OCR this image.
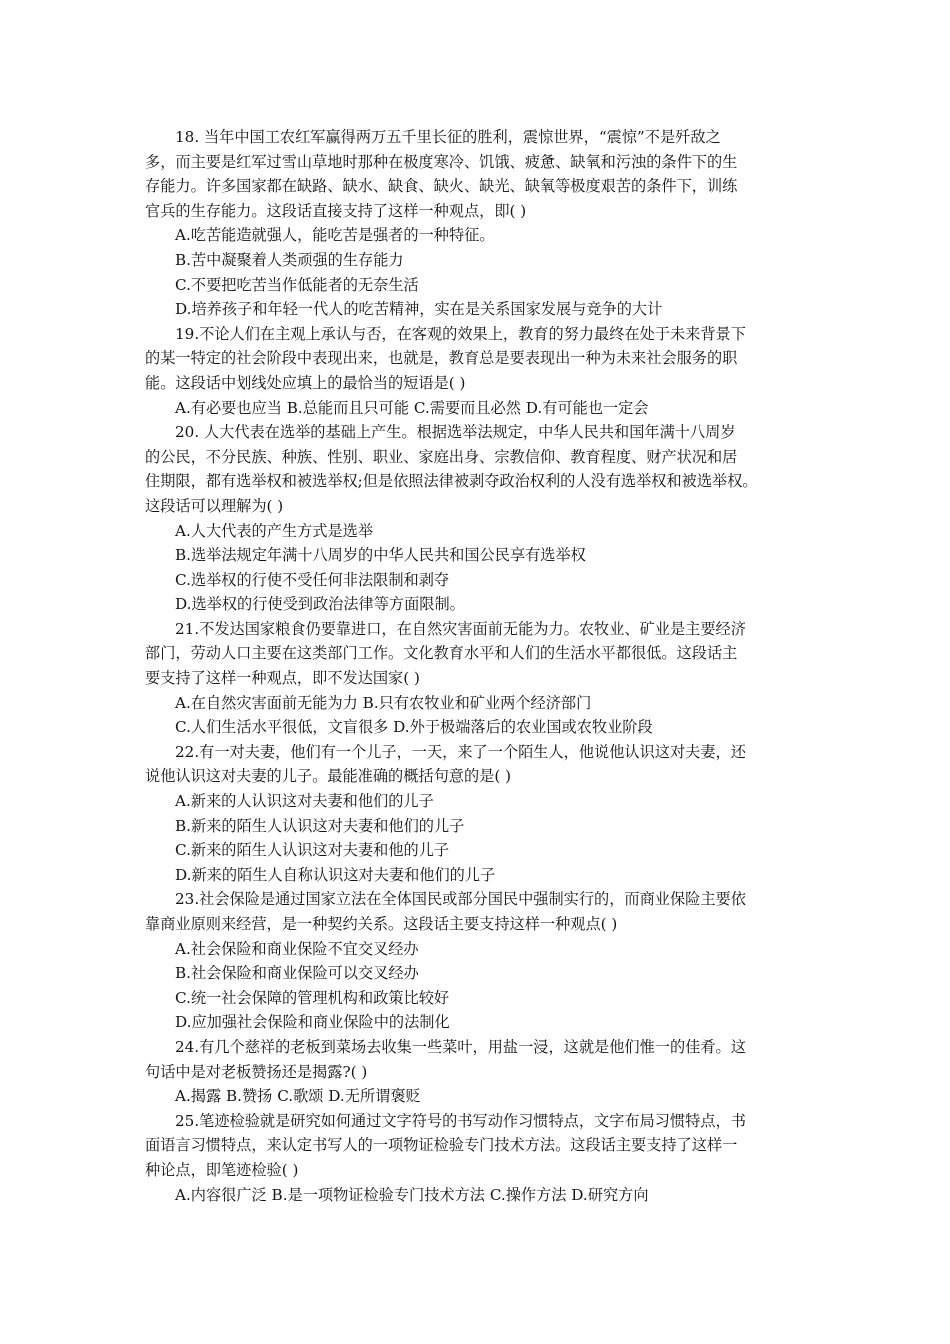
18. 当年中国工农红军赢得两万五千里长征的胜利，震惊世界，“震惊”不是歼敌之
多，而主要是红军过雪山草地时那种在极度寒冷、饥饿、疲惫、缺氧和污浊的条件下的生
存能力。许多国家都在缺路、缺水、缺食、缺火、缺光、缺氧等极度艰苦的条件下，训练
官兵的生存能力。这段话直接支持了这样一种观点，即( )
A.吃苦能造就强人，能吃苦是强者的一种特征。
B.苦中凝聚着人类顽强的生存能力
C.不要把吃苦当作低能者的无奈生活
D.培养孩子和年轻一代人的吃苦精神，实在是关系国家发展与竞争的大计
19.不论人们在主观上承认与否，在客观的效果上，教育的努力最终在处于未来背景下
的某一特定的社会阶段中表现出来，也就是，教育总是要表现出一种为未来社会服务的职
能。这段话中划线处应填上的最恰当的短语是( )
A.有必要也应当 B.总能而且只可能 C.需要而且必然 D.有可能也一定会
20. 人大代表在选举的基础上产生。根据选举法规定，中华人民共和国年满十八周岁
的公民，不分民族、种族、性别、职业、家庭出身、宗教信仰、教育程度、财产状况和居
住期限，都有选举权和被选举权;但是依照法律被剥夺政治权利的人没有选举权和被选举权。
这段话可以理解为( )
A.人大代表的产生方式是选举
B.选举法规定年满十八周岁的中华人民共和国公民享有选举权
C.选举权的行使不受任何非法限制和剥夺
D.选举权的行使受到政治法律等方面限制。
21.不发达国家粮食仍要靠进口，在自然灾害面前无能为力。农牧业、矿业是主要经济
部门，劳动人口主要在这类部门工作。文化教育水平和人们的生活水平都很低。这段话主
要支持了这样一种观点，即不发达国家( )
A.在自然灾害面前无能为力 B.只有农牧业和矿业两个经济部门
C.人们生活水平很低，文盲很多 D.外于极端落后的农业国或农牧业阶段
22.有一对夫妻，他们有一个儿子，一天，来了一个陌生人，他说他认识这对夫妻，还
说他认识这对夫妻的儿子。最能准确的概括句意的是( )
A.新来的人认识这对夫妻和他们的儿子
B.新来的陌生人认识这对夫妻和他们的儿子
C.新来的陌生人认识这对夫妻和他的儿子
D.新来的陌生人自称认识这对夫妻和他们的儿子
23.社会保险是通过国家立法在全体国民或部分国民中强制实行的，而商业保险主要依
靠商业原则来经营，是一种契约关系。这段话主要支持这样一种观点( )
A.社会保险和商业保险不宜交叉经办
B.社会保险和商业保险可以交叉经办
C.统一社会保障的管理机构和政策比较好
D.应加强社会保险和商业保险中的法制化
24.有几个慈祥的老板到菜场去收集一些菜叶，用盐一浸，这就是他们惟一的佳肴。这
句话中是对老板赞扬还是揭露?( )
A.揭露 B.赞扬 C.歌颂 D.无所谓褒贬
25.笔迹检验就是研究如何通过文字符号的书写动作习惯特点，文字布局习惯特点，书
面语言习惯特点，来认定书写人的一项物证检验专门技术方法。这段话主要支持了这样一
种论点，即笔迹检验( )
A.内容很广泛 B.是一项物证检验专门技术方法 C.操作方法 D.研究方向
